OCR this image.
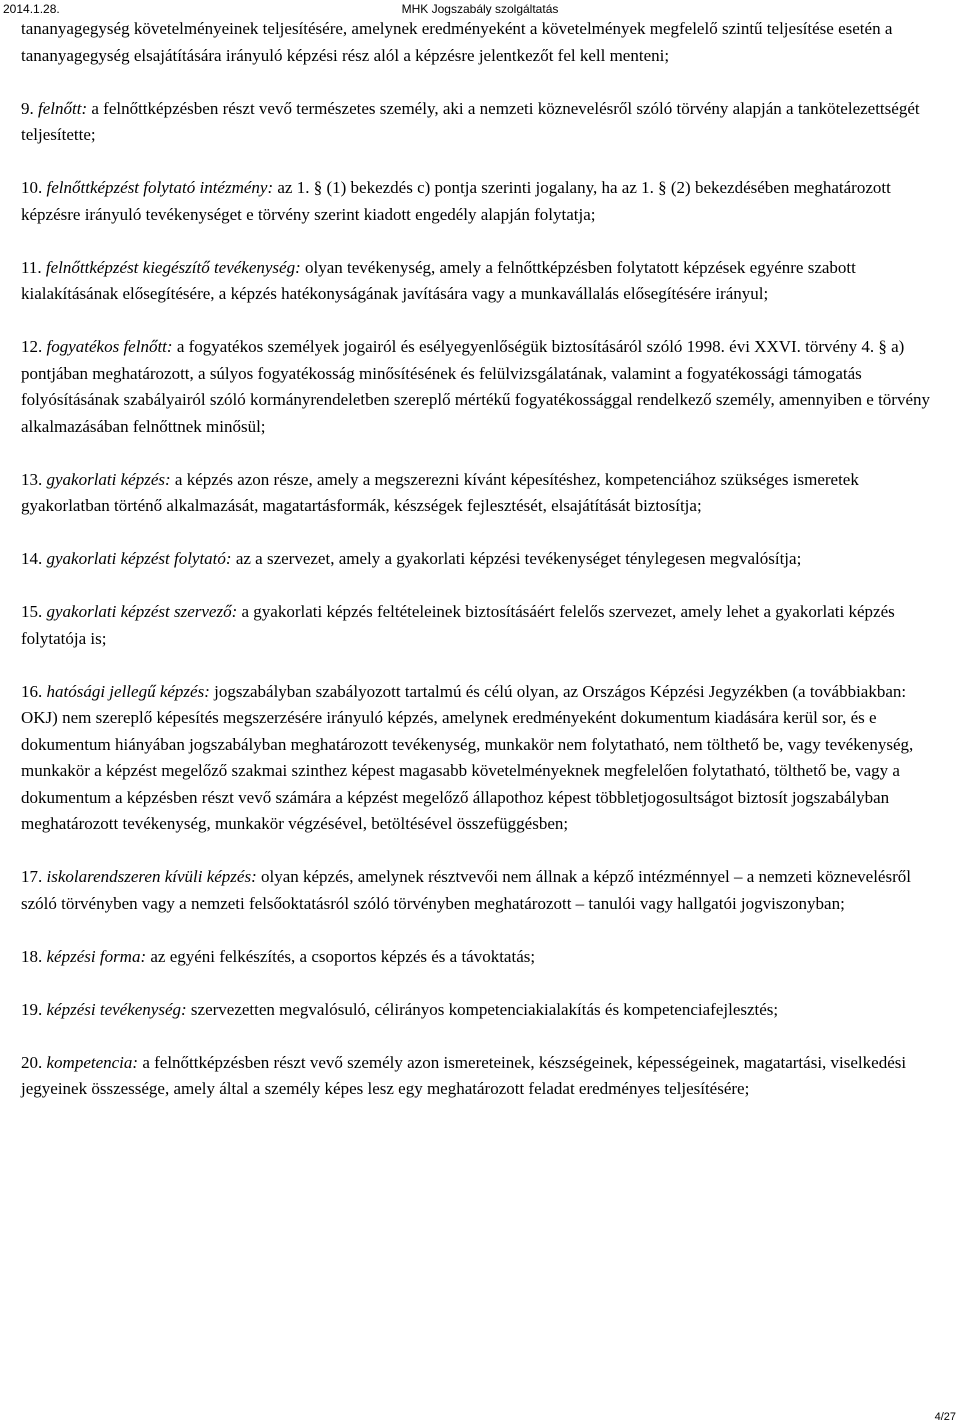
2014.1.28.	MHK Jogszabály szolgáltatás

tananyagegység követelményeinek teljesítésére, amelynek eredményeként a követelmények megfelelő szintű teljesítése esetén a tananyagegység elsajátítására irányuló képzési rész alól a képzésre jelentkezőt fel kell menteni;

9. felnőtt: a felnőttképzésben részt vevő természetes személy, aki a nemzeti köznevelésről szóló törvény alapján a tankötelezettségét teljesítette;

10. felnőttképzést folytató intézmény: az 1. § (1) bekezdés c) pontja szerinti jogalany, ha az 1. § (2) bekezdésében meghatározott képzésre irányuló tevékenységet e törvény szerint kiadott engedély alapján folytatja;

11. felnőttképzést kiegészítő tevékenység: olyan tevékenység, amely a felnőttképzésben folytatott képzések egyénre szabott kialakításának elősegítésére, a képzés hatékonyságának javítására vagy a munkavállalás elősegítésére irányul;

12. fogyatékos felnőtt: a fogyatékos személyek jogairól és esélyegyenlőségük biztosításáról szóló 1998. évi XXVI. törvény 4. § a) pontjában meghatározott, a súlyos fogyatékosság minősítésének és felülvizsgálatának, valamint a fogyatékossági támogatás folyósításának szabályairól szóló kormányrendeletben szereplő mértékű fogyatékossággal rendelkező személy, amennyiben e törvény alkalmazásában felnőttnek minősül;

13. gyakorlati képzés: a képzés azon része, amely a megszerezni kívánt képesítéshez, kompetenciához szükséges ismeretek gyakorlatban történő alkalmazását, magatartásformák, készségek fejlesztését, elsajátítását biztosítja;

14. gyakorlati képzést folytató: az a szervezet, amely a gyakorlati képzési tevékenységet ténylegesen megvalósítja;

15. gyakorlati képzést szervező: a gyakorlati képzés feltételeinek biztosításáért felelős szervezet, amely lehet a gyakorlati képzés folytatója is;

16. hatósági jellegű képzés: jogszabályban szabályozott tartalmú és célú olyan, az Országos Képzési Jegyzékben (a továbbiakban: OKJ) nem szereplő képesítés megszerzésére irányuló képzés, amelynek eredményeként dokumentum kiadására kerül sor, és e dokumentum hiányában jogszabályban meghatározott tevékenység, munkakör nem folytatható, nem tölthető be, vagy tevékenység, munkakör a képzést megelőző szakmai szinthez képest magasabb követelményeknek megfelelően folytatható, tölthető be, vagy a dokumentum a képzésben részt vevő számára a képzést megelőző állapothoz képest többletjogosultságot biztosít jogszabályban meghatározott tevékenység, munkakör végzésével, betöltésével összefüggésben;

17. iskolarendszeren kívüli képzés: olyan képzés, amelynek résztvevői nem állnak a képző intézménnyel – a nemzeti köznevelésről szóló törvényben vagy a nemzeti felsőoktatásról szóló törvényben meghatározott – tanulói vagy hallgatói jogviszonyban;

18. képzési forma: az egyéni felkészítés, a csoportos képzés és a távoktatás;

19. képzési tevékenység: szervezetten megvalósuló, célirányos kompetenciakialakítás és kompetenciafejlesztés;

20. kompetencia: a felnőttképzésben részt vevő személy azon ismereteinek, készségeinek, képességeinek, magatartási, viselkedési jegyeinek összessége, amely által a személy képes lesz egy meghatározott feladat eredményes teljesítésére;

4/27
